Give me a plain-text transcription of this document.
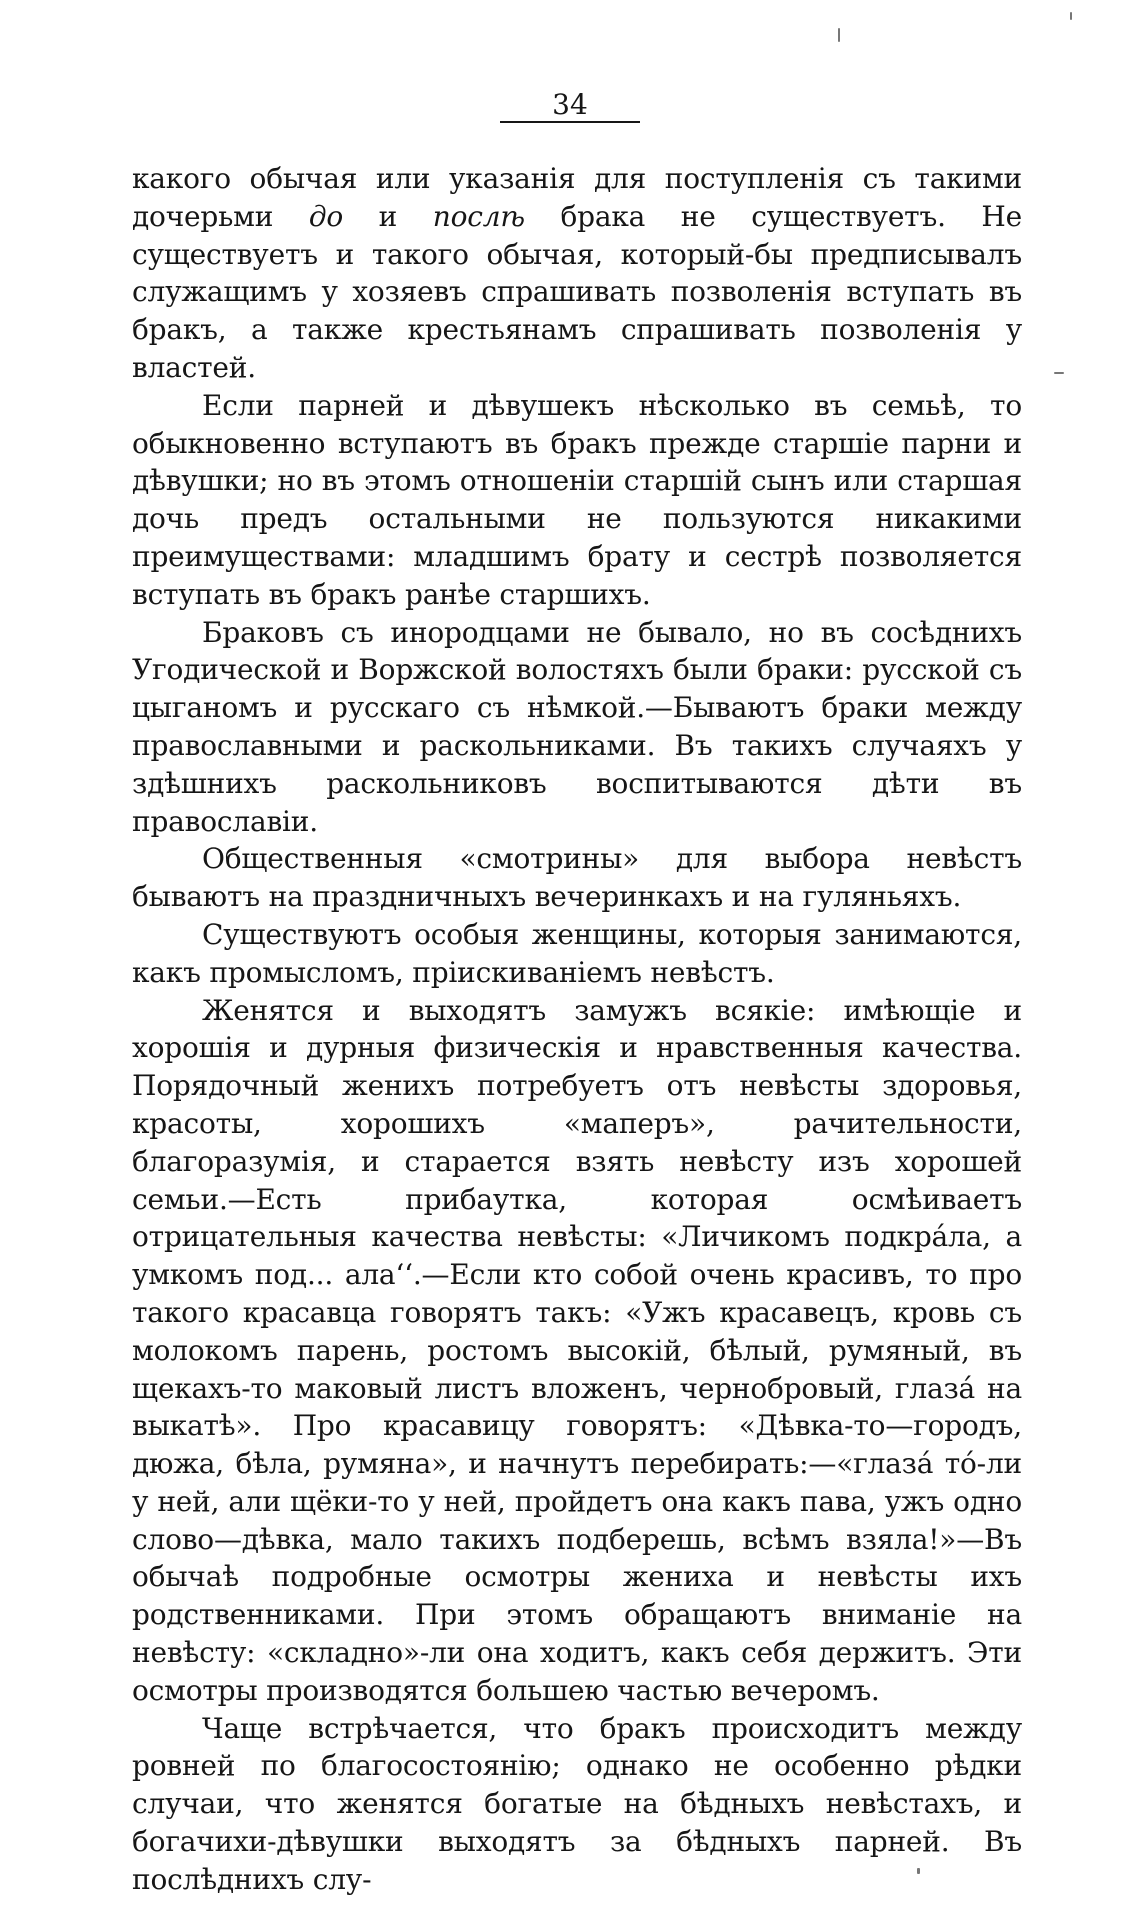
34

какого обычая или указанія для поступленія съ такими дочерьми до и послѣ брака не существуетъ. Не существуетъ и такого обычая, который-бы предписывалъ служащимъ у хозяевъ спрашивать позволенія вступать въ бракъ, а также крестьянамъ спрашивать позволенія у властей.

Если парней и дѣвушекъ нѣсколько въ семьѣ, то обыкновенно вступаютъ въ бракъ прежде старшіе парни и дѣвушки; но въ этомъ отношеніи старшій сынъ или старшая дочь предъ остальными не пользуются никакими преимуществами: младшимъ брату и сестрѣ позволяется вступать въ бракъ ранѣе старшихъ.

Браковъ съ инородцами не бывало, но въ сосѣднихъ Угодической и Воржской волостяхъ были браки: русской съ цыганомъ и русскаго съ нѣмкой.—Бываютъ браки между православными и раскольниками. Въ такихъ случаяхъ у здѣшнихъ раскольниковъ воспитываются дѣти въ православіи.

Общественныя «смотрины» для выбора невѣстъ бываютъ на праздничныхъ вечеринкахъ и на гуляньяхъ.

Существуютъ особыя женщины, которыя занимаются, какъ промысломъ, пріискиваніемъ невѣстъ.

Женятся и выходятъ замужъ всякіе: имѣющіе и хорошія и дурныя физическія и нравственныя качества. Порядочный женихъ потребуетъ отъ невѣсты здоровья, красоты, хорошихъ «маперъ», рачительности, благоразумія, и старается взять невѣсту изъ хорошей семьи.—Есть прибаутка, которая осмѣиваетъ отрицательныя качества невѣсты: «Личикомъ подкрáла, а умкомъ под... ала‘‘.—Если кто собой очень красивъ, то про такого красавца говорятъ такъ: «Ужъ красавецъ, кровь съ молокомъ парень, ростомъ высокій, бѣлый, румяный, въ щекахъ-то маковый листъ вложенъ, чернобровый, глазá на выкатѣ». Про красавицу говорятъ: «Дѣвка-то—городъ, дюжа, бѣла, румяна», и начнутъ перебирать:—«глазá тó-ли у ней, али щёки-то у ней, пройдетъ она какъ пава, ужъ одно слово—дѣвка, мало такихъ подберешь, всѣмъ взяла!»—Въ обычаѣ подробные осмотры жениха и невѣсты ихъ родственниками. При этомъ обращаютъ вниманіе на невѣсту: «складно»-ли она ходитъ, какъ себя держитъ. Эти осмотры производятся большею частью вечеромъ.

Чаще встрѣчается, что бракъ происходитъ между ровней по благосостоянію; однако не особенно рѣдки случаи, что женятся богатые на бѣдныхъ невѣстахъ, и богачихи-дѣвушки выходятъ за бѣдныхъ парней. Въ послѣднихъ слу-
